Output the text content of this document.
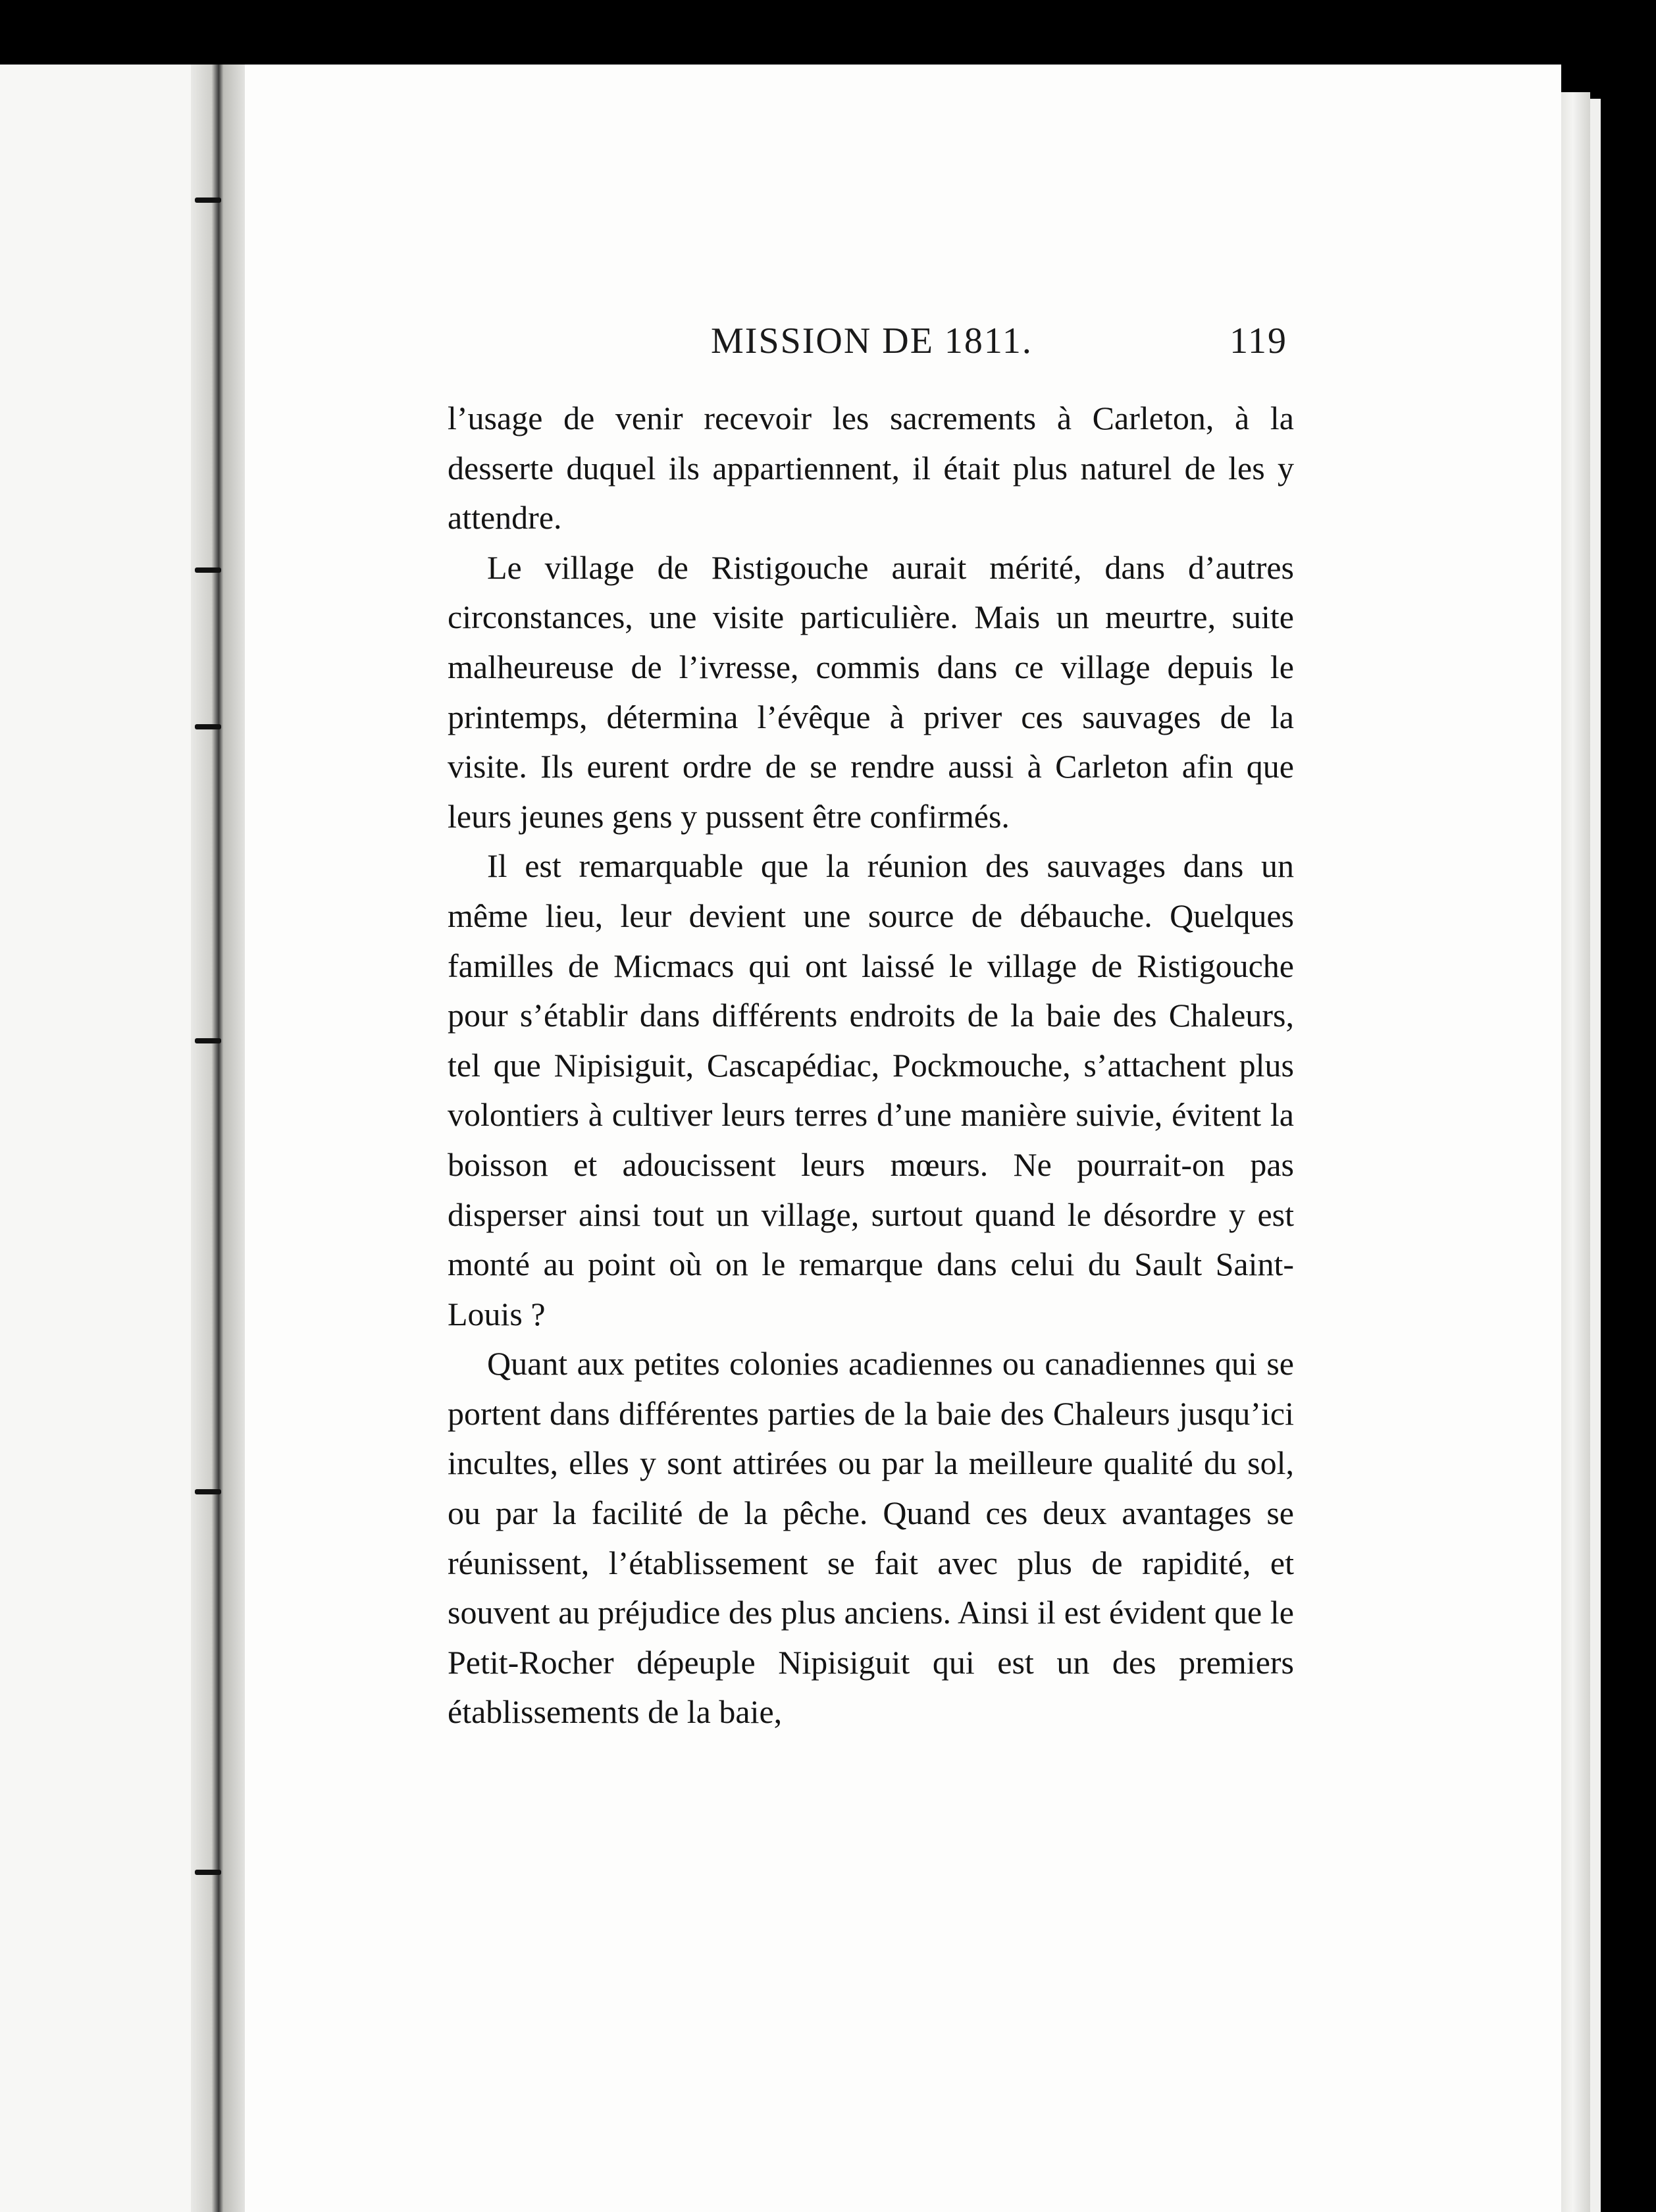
MISSION DE 1811.	119

l’usage de venir recevoir les sacrements à Carleton, à la desserte duquel ils appartiennent, il était plus naturel de les y attendre.

Le village de Ristigouche aurait mérité, dans d’autres circonstances, une visite particulière. Mais un meurtre, suite malheureuse de l’ivresse, commis dans ce village depuis le printemps, détermina l’évêque à priver ces sauvages de la visite. Ils eurent ordre de se rendre aussi à Carleton afin que leurs jeunes gens y pussent être confirmés.

Il est remarquable que la réunion des sauvages dans un même lieu, leur devient une source de débauche. Quelques familles de Micmacs qui ont laissé le village de Ristigouche pour s’établir dans différents endroits de la baie des Chaleurs, tel que Nipisiguit, Cascapédiac, Pockmouche, s’attachent plus volontiers à cultiver leurs terres d’une manière suivie, évitent la boisson et adoucissent leurs mœurs. Ne pourrait-on pas disperser ainsi tout un village, surtout quand le désordre y est monté au point où on le remarque dans celui du Sault Saint-Louis ?

Quant aux petites colonies acadiennes ou canadiennes qui se portent dans différentes parties de la baie des Chaleurs jusqu’ici incultes, elles y sont attirées ou par la meilleure qualité du sol, ou par la facilité de la pêche. Quand ces deux avantages se réunissent, l’établissement se fait avec plus de rapidité, et souvent au préjudice des plus anciens. Ainsi il est évident que le Petit-Rocher dépeuple Nipisiguit qui est un des premiers établissements de la baie,
